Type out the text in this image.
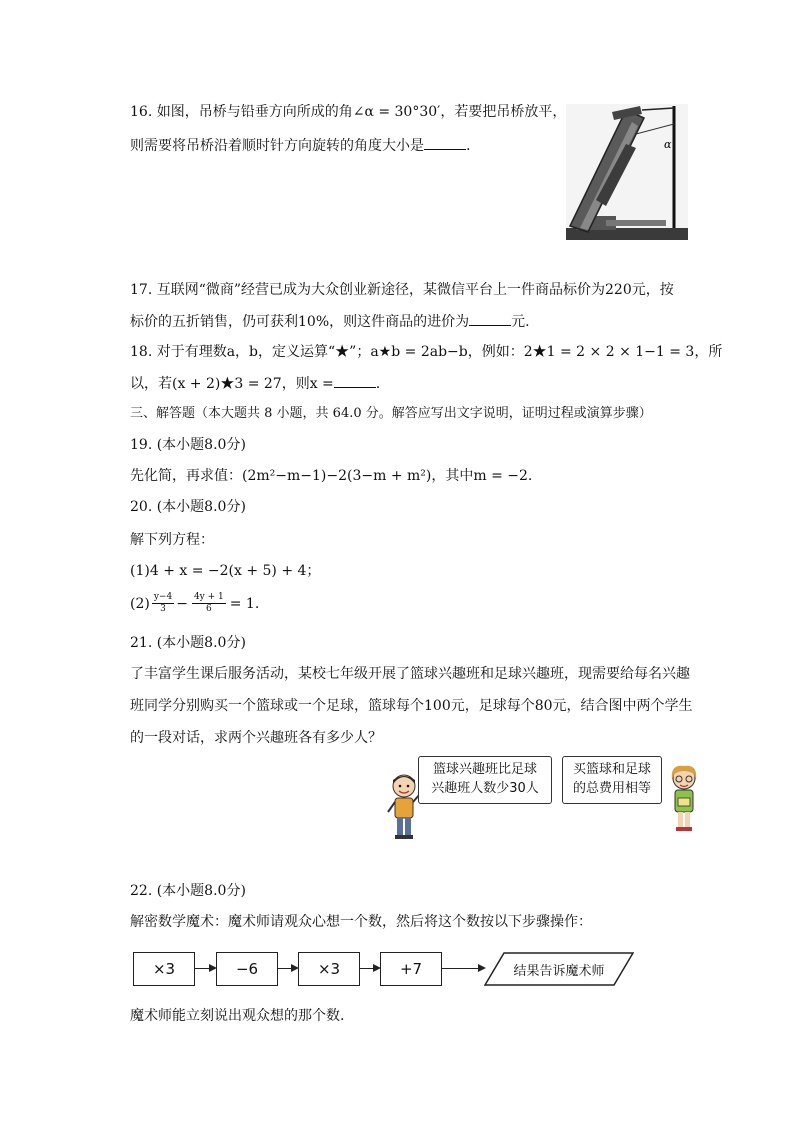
16. 如图，吊桥与铅垂方向所成的角∠α = 30°30′，若要把吊桥放平，
则需要将吊桥沿着顺时针方向旋转的角度大小是	.	α
17. 互联网“微商”经营已成为大众创业新途径，某微信平台上一件商品标价为220元，按
标价的五折销售，仍可获利10%，则这件商品的进价为	元.
18. 对于有理数a，b，定义运算“★”；a★b = 2ab−b，例如：2★1 = 2 × 2 × 1−1 = 3，所
以，若(x + 2)★3 = 27，则x =	.
三、解答题（本大题共 8 小题，共 64.0 分。解答应写出文字说明，证明过程或演算步骤）
19. (本小题8.0分)
先化简，再求值：(2m²−m−1)−2(3−m + m²)，其中m = −2.
20. (本小题8.0分)
解下列方程：
(1)4 + x = −2(x + 5) + 4；
$(2) \frac{y-4}{3} - \frac{4y + 1}{6} = 1$.
21. (本小题8.0分)
了丰富学生课后服务活动，某校七年级开展了篮球兴趣班和足球兴趣班，现需要给每名兴趣
班同学分别购买一个篮球或一个足球，篮球每个100元，足球每个80元，结合图中两个学生
的一段对话，求两个兴趣班各有多少人？
篮球兴趣班比足球
兴趣班人数少30人
买篮球和足球
的总费用相等
22. (本小题8.0分)
解密数学魔术：魔术师请观众心想一个数，然后将这个数按以下步骤操作：
×3	−6	×3	+7	结果告诉魔术师
魔术师能立刻说出观众想的那个数.
